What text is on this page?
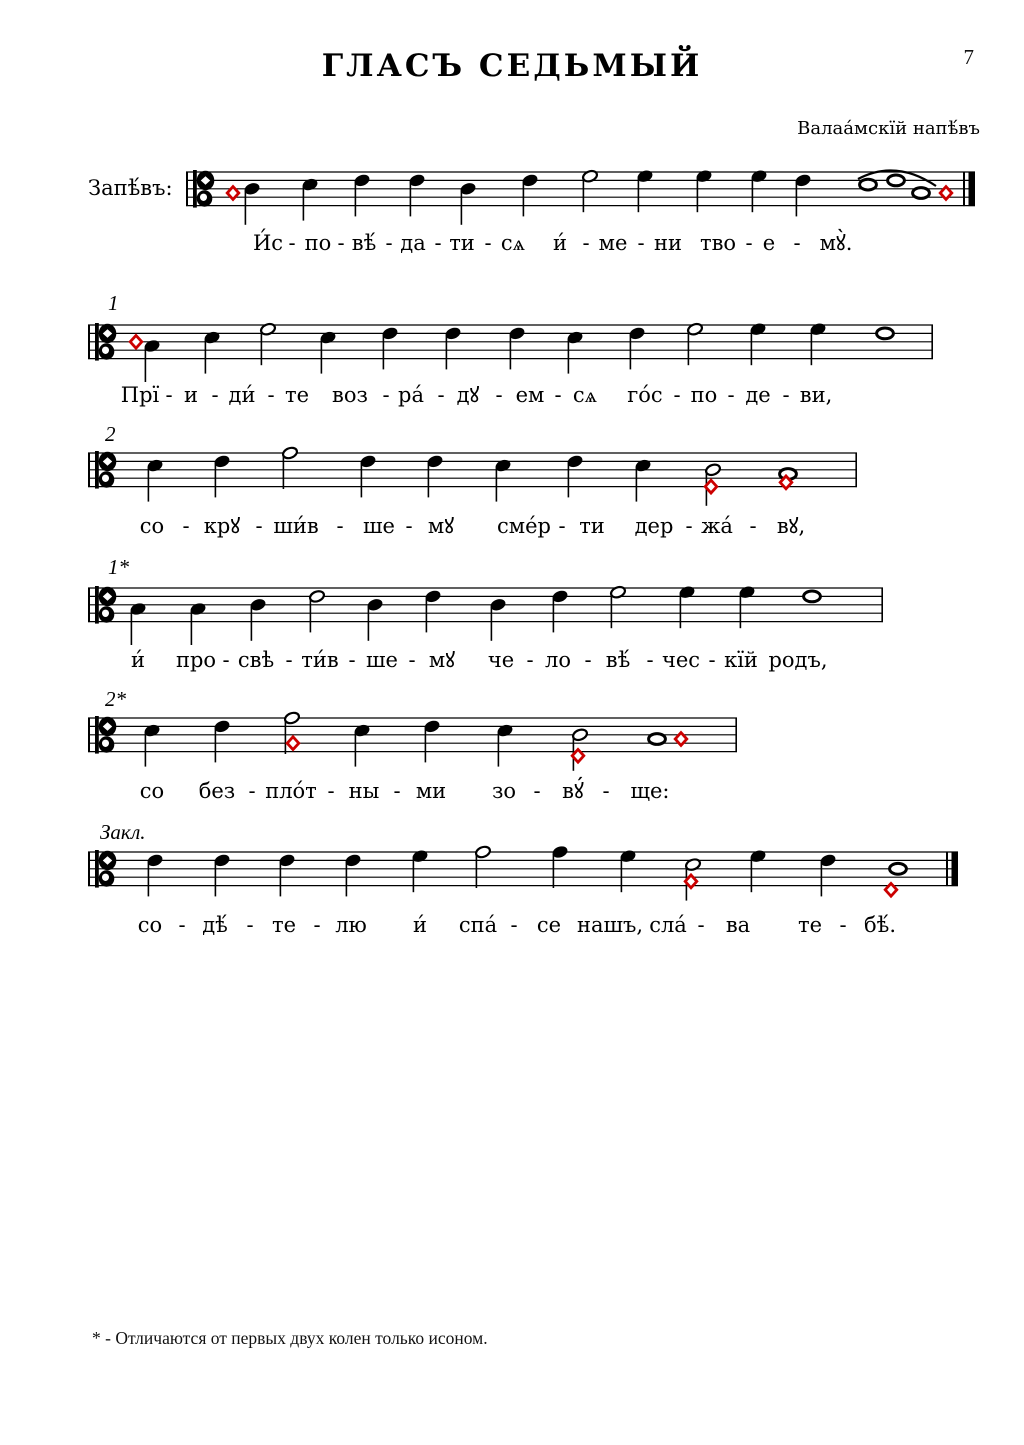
7
ГЛАСЪ СЕДЬМЫЙ
Валаа́мскїй напѣ́въ
Запѣ́въ:
И́с - по - вѣ́ - да - ти - сѧ и́ - ме - ни тво - е - мꙋ̀.
1
Прї - и - ди́ - те воз - ра́ - дꙋ - ем - сѧ го́с - по - де - ви,
2
со - крꙋ - ши́в - ше - мꙋ сме́р - ти дер - жа́ - вꙋ,
1*
и́ про - свѣ - ти́в - ше - мꙋ че - ло - вѣ́ - чес - кїй родъ,
2*
со без - пло́т - ны - ми зо - вꙋ́ - ще:
Закл.
со - дѣ́ - те - лю и́ спа́ - се нашъ, сла́ - ва те - бѣ́.
* - Отличаются от первых двух колен только исоном.
